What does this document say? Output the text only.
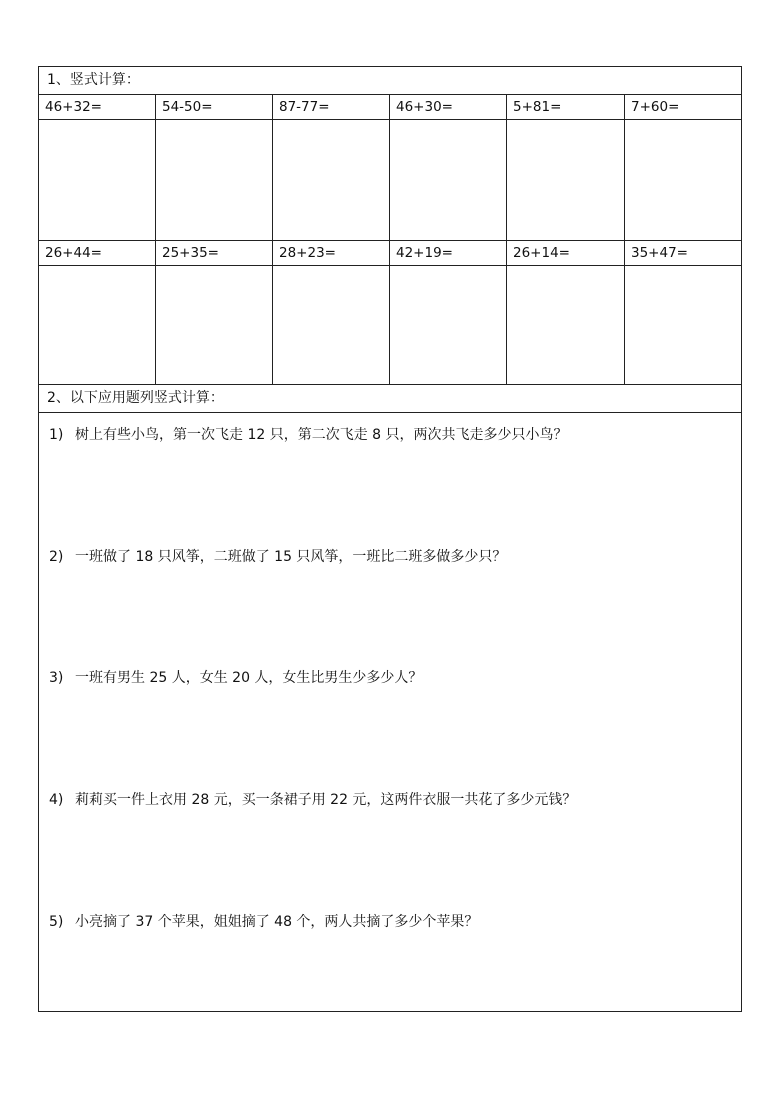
1、竖式计算：
46+32=	54-50=	87-77=	46+30=	5+81=	7+60=
26+44=	25+35=	28+23=	42+19=	26+14=	35+47=
2、以下应用题列竖式计算：
1) 树上有些小鸟，第一次飞走 12 只，第二次飞走 8 只，两次共飞走多少只小鸟？
2) 一班做了 18 只风筝，二班做了 15 只风筝，一班比二班多做多少只？
3) 一班有男生 25 人，女生 20 人，女生比男生少多少人？
4) 莉莉买一件上衣用 28 元，买一条裙子用 22 元，这两件衣服一共花了多少元钱？
5) 小亮摘了 37 个苹果，姐姐摘了 48 个，两人共摘了多少个苹果？
